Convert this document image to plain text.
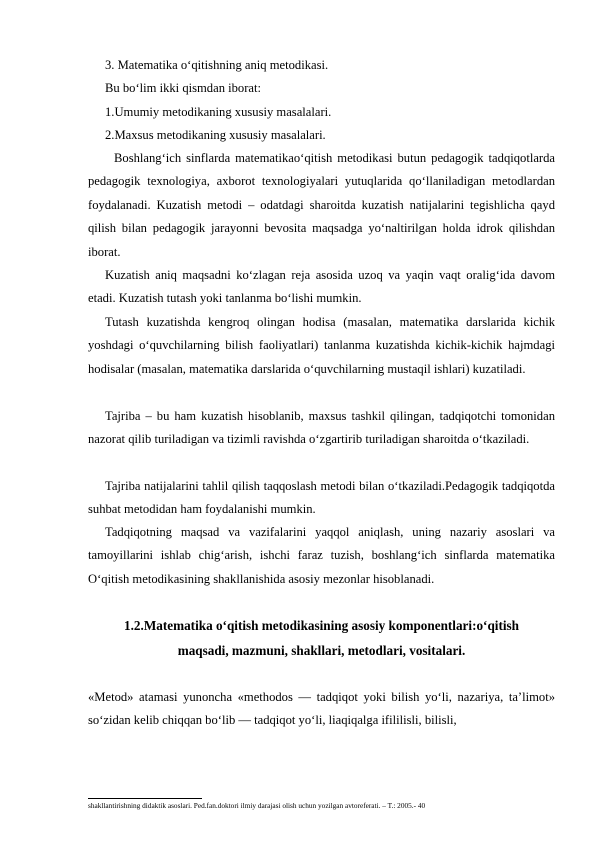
3. Matematika o‘qitishning aniq metodikasi.

Bu bo‘lim ikki qismdan iborat:

1.Umumiy metodikaning xususiy masalalari.

2.Maxsus metodikaning xususiy masalalari.

Boshlang‘ich sinflarda matematikao‘qitish metodikasi butun pedagogik tadqiqotlarda pedagogik texnologiya, axborot texnologiyalari yutuqlarida qo‘llaniladigan metodlardan foydalanadi. Kuzatish metodi – odatdagi sharoitda kuzatish natijalarini tegishlicha qayd qilish bilan pedagogik jarayonni bevosita maqsadga yo‘naltirilgan holda idrok qilishdan iborat.

Kuzatish aniq maqsadni ko‘zlagan reja asosida uzoq va yaqin vaqt oralig‘ida davom etadi. Kuzatish tutash yoki tanlanma bo‘lishi mumkin.

Tutash kuzatishda kengroq olingan hodisa (masalan, matematika darslarida kichik yoshdagi o‘quvchilarning bilish faoliyatlari) tanlanma kuzatishda kichik-kichik hajmdagi hodisalar (masalan, matematika darslarida o‘quvchilarning mustaqil ishlari) kuzatiladi.

Tajriba – bu ham kuzatish hisoblanib, maxsus tashkil qilingan, tadqiqotchi tomonidan nazorat qilib turiladigan va tizimli ravishda o‘zgartirib turiladigan sharoitda o‘tkaziladi.

Tajriba natijalarini tahlil qilish taqqoslash metodi bilan o‘tkaziladi.Pedagogik tadqiqotda suhbat metodidan ham foydalanishi mumkin.

Tadqiqotning maqsad va vazifalarini yaqqol aniqlash, uning nazariy asoslari va tamoyillarini ishlab chig‘arish, ishchi faraz tuzish, boshlang‘ich sinflarda matematika O‘qitish metodikasining shakllanishida asosiy mezonlar hisoblanadi.

1.2.Matematika o‘qitish metodikasining asosiy komponentlari:o‘qitish

maqsadi, mazmuni, shakllari, metodlari, vositalari.

«Metod» atamasi yunoncha «methodos — tadqiqot yoki bilish yo‘li, nazariya, ta’limot» so‘zidan kelib chiqqan bo‘lib — tadqiqot yo‘li, liaqiqalga ifililisli, bilisli,

shakllantirishning didaktik asoslari. Ped.fan.doktori ilmiy darajasi olish uchun yozilgan avtoreferati. – T.: 2005.- 40
